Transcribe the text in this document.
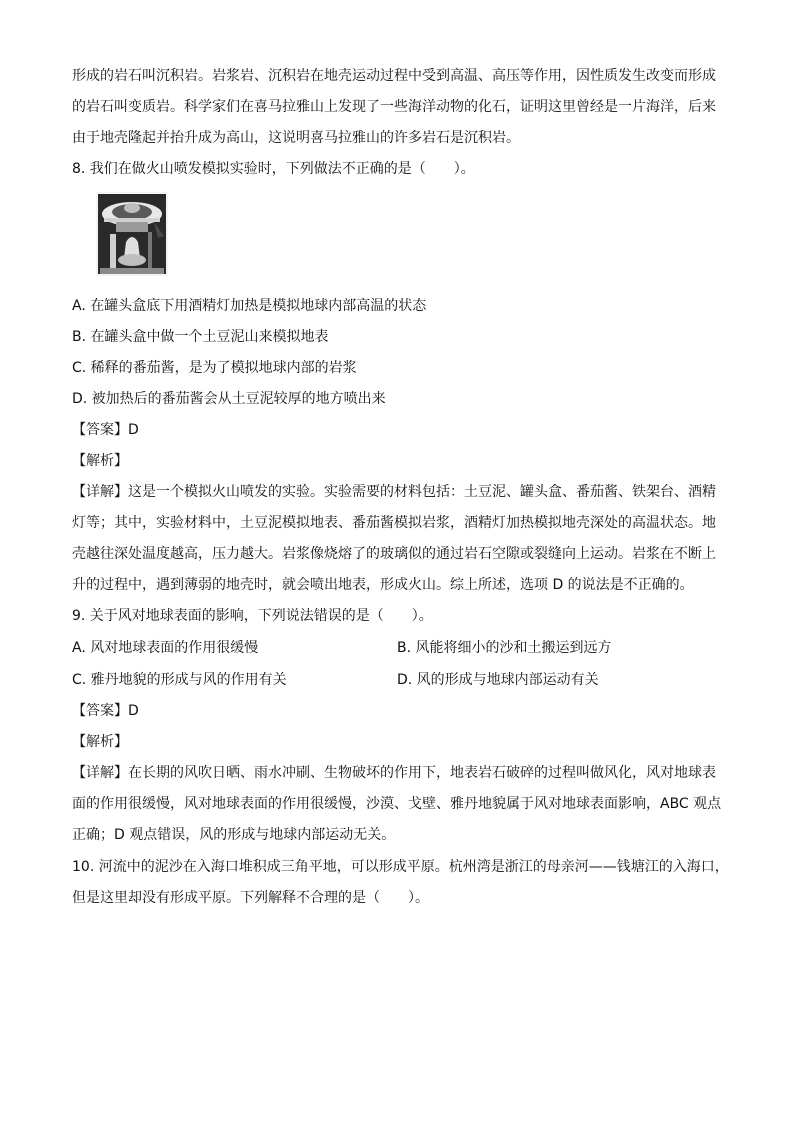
形成的岩石叫沉积岩。岩浆岩、沉积岩在地壳运动过程中受到高温、高压等作用，因性质发生改变而形成
的岩石叫变质岩。科学家们在喜马拉雅山上发现了一些海洋动物的化石，证明这里曾经是一片海洋，后来
由于地壳隆起并抬升成为高山，这说明喜马拉雅山的许多岩石是沉积岩。
8. 我们在做火山喷发模拟实验时，下列做法不正确的是（　　）。
A. 在罐头盒底下用酒精灯加热是模拟地球内部高温的状态
B. 在罐头盒中做一个土豆泥山来模拟地表
C. 稀释的番茄酱，是为了模拟地球内部的岩浆
D. 被加热后的番茄酱会从土豆泥较厚的地方喷出来
【答案】D
【解析】
【详解】这是一个模拟火山喷发的实验。实验需要的材料包括：土豆泥、罐头盒、番茄酱、铁架台、酒精
灯等；其中，实验材料中，土豆泥模拟地表、番茄酱模拟岩浆，酒精灯加热模拟地壳深处的高温状态。地
壳越往深处温度越高，压力越大。岩浆像烧熔了的玻璃似的通过岩石空隙或裂缝向上运动。岩浆在不断上
升的过程中，遇到薄弱的地壳时，就会喷出地表，形成火山。综上所述，选项 D 的说法是不正确的。
9. 关于风对地球表面的影响，下列说法错误的是（　　）。
A. 风对地球表面的作用很缓慢	B. 风能将细小的沙和土搬运到远方
C. 雅丹地貌的形成与风的作用有关	D. 风的形成与地球内部运动有关
【答案】D
【解析】
【详解】在长期的风吹日晒、雨水冲刷、生物破坏的作用下，地表岩石破碎的过程叫做风化，风对地球表
面的作用很缓慢，风对地球表面的作用很缓慢，沙漠、戈壁、雅丹地貌属于风对地球表面影响，ABC 观点
正确；D 观点错误，风的形成与地球内部运动无关。
10. 河流中的泥沙在入海口堆积成三角平地，可以形成平原。杭州湾是浙江的母亲河——钱塘江的入海口，
但是这里却没有形成平原。下列解释不合理的是（　　）。
